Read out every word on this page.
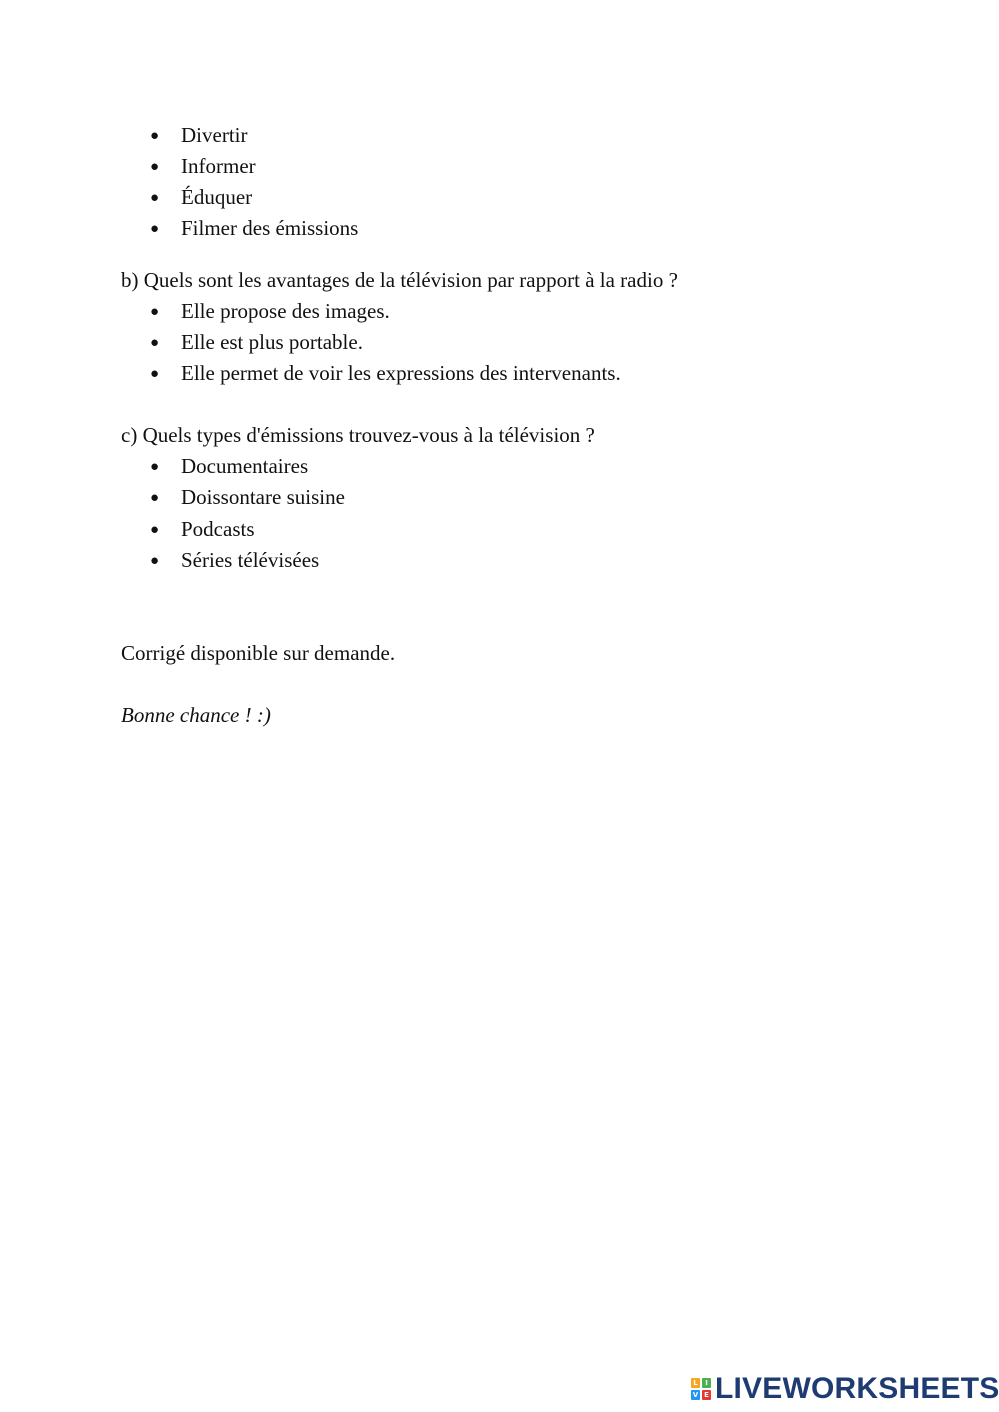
● Divertir
● Informer
● Éduquer
● Filmer des émissions
b) Quels sont les avantages de la télévision par rapport à la radio ?
● Elle propose des images.
● Elle est plus portable.
● Elle permet de voir les expressions des intervenants.
c) Quels types d'émissions trouvez-vous à la télévision ?
● Documentaires
● Doissontare suisine
● Podcasts
● Séries télévisées
Corrigé disponible sur demande.
Bonne chance ! :)
L	I
V E LIVEWORKSHEETS
